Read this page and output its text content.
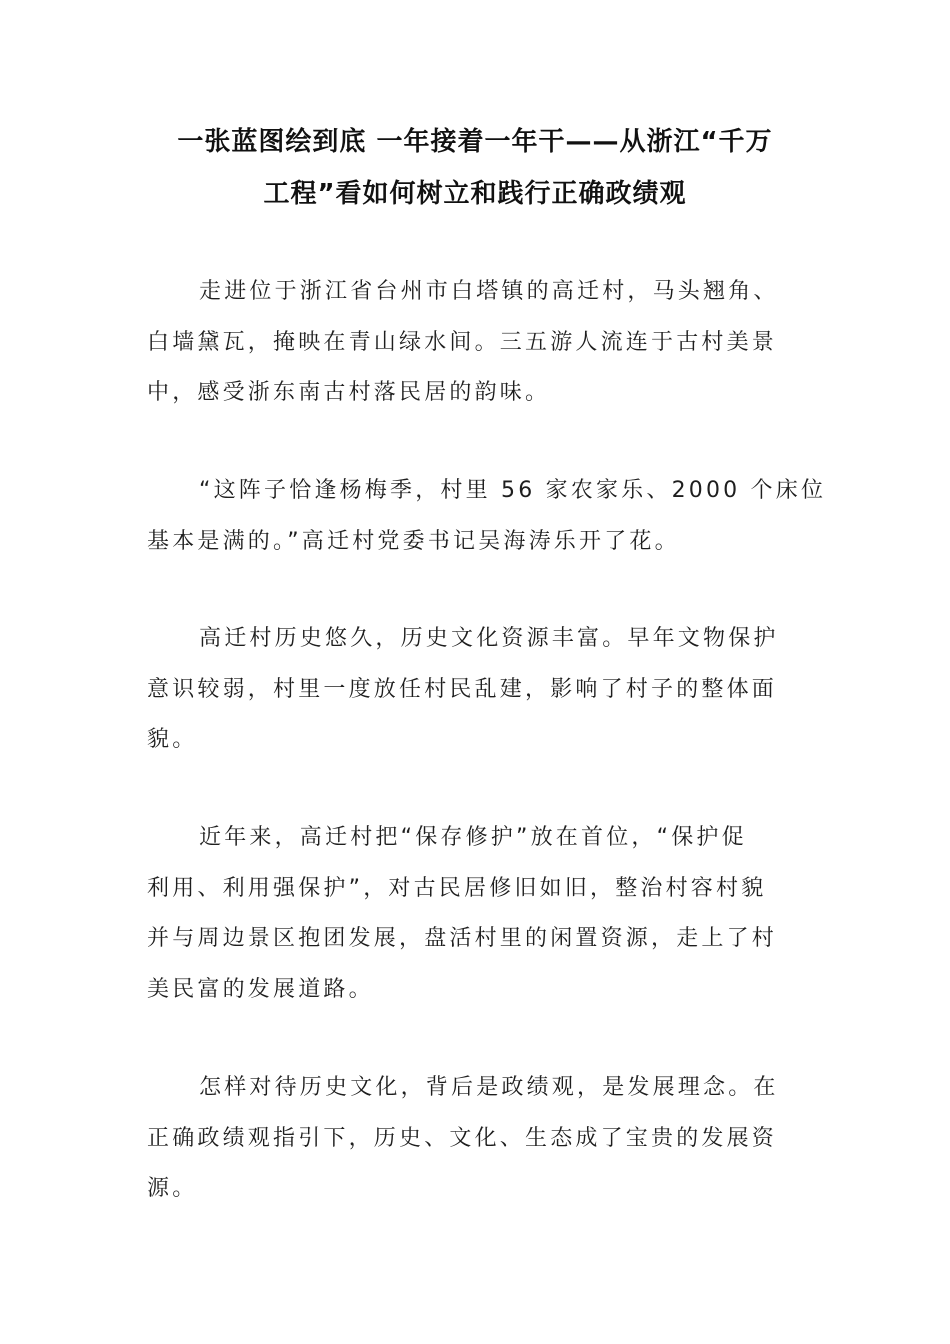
一张蓝图绘到底 一年接着一年干——从浙江“千万
工程”看如何树立和践行正确政绩观

走进位于浙江省台州市白塔镇的高迁村，马头翘角、
白墙黛瓦，掩映在青山绿水间。三五游人流连于古村美景
中，感受浙东南古村落民居的韵味。

“这阵子恰逢杨梅季，村里 56 家农家乐、2000 个床位
基本是满的。”高迁村党委书记吴海涛乐开了花。

高迁村历史悠久，历史文化资源丰富。早年文物保护
意识较弱，村里一度放任村民乱建，影响了村子的整体面
貌。

近年来，高迁村把“保存修护”放在首位，“保护促
利用、利用强保护”，对古民居修旧如旧，整治村容村貌
并与周边景区抱团发展，盘活村里的闲置资源，走上了村
美民富的发展道路。

怎样对待历史文化，背后是政绩观，是发展理念。在
正确政绩观指引下，历史、文化、生态成了宝贵的发展资
源。
